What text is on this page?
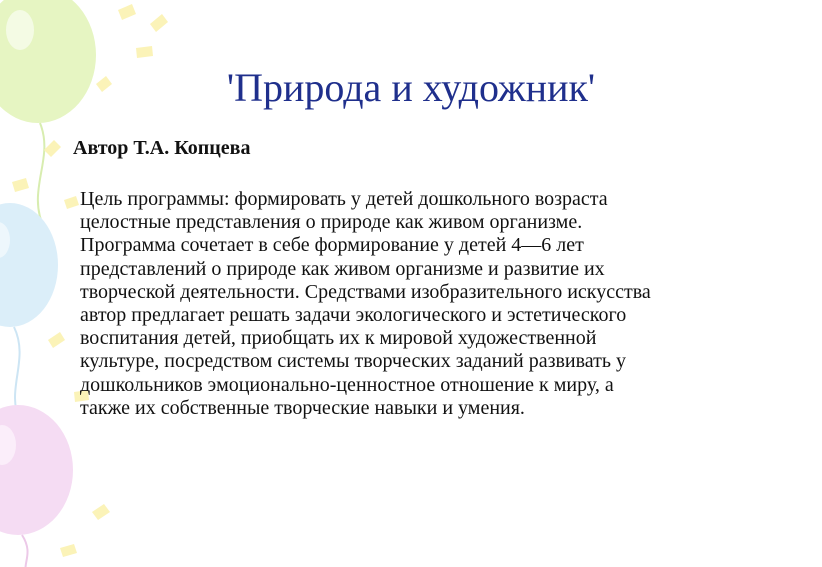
'Природа и художник'

Автор Т.А. Копцева

Цель программы: формировать у детей дошкольного возраста
целостные представления о природе как живом организме.
Программа сочетает в себе формирование у детей 4—6 лет
представлений о природе как живом организме и развитие их
творческой деятельности. Средствами изобразительного искусства
автор предлагает решать задачи экологического и эстетического
воспитания детей, приобщать их к мировой художественной
культуре, посредством системы творческих заданий развивать у
дошкольников эмоционально-ценностное отношение к миру, а
также их собственные творческие навыки и умения.
